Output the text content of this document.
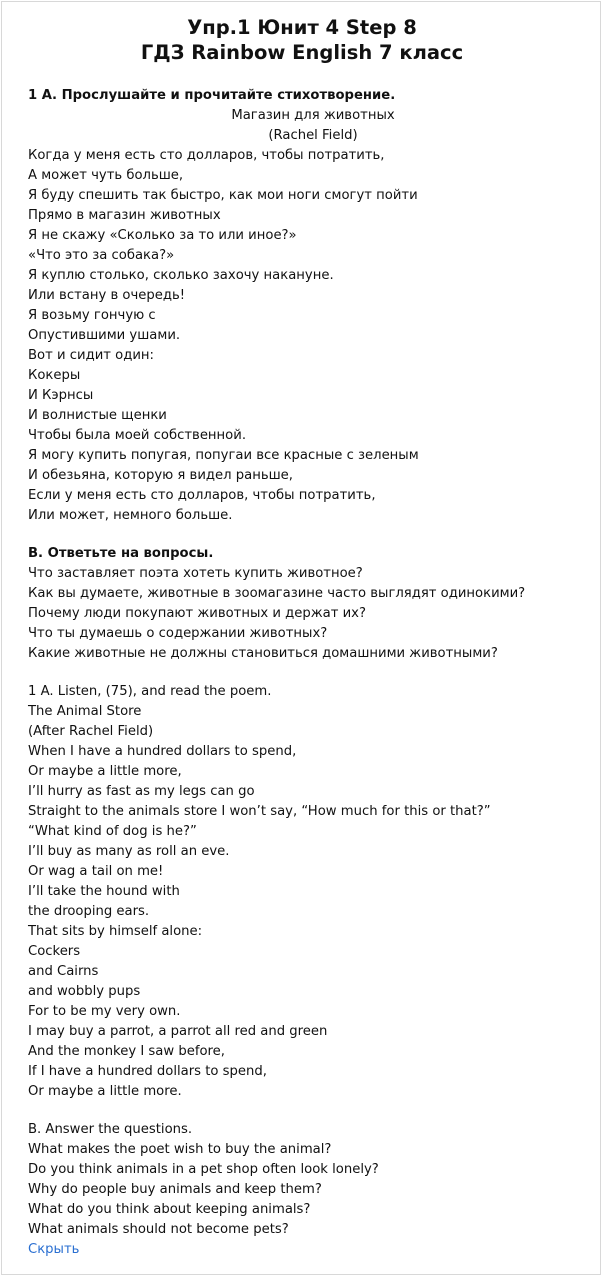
Упр.1 Юнит 4 Step 8
ГДЗ Rainbow English 7 класс
1 А. Прослушайте и прочитайте стихотворение.
Магазин для животных
(Rachel Field)
Когда у меня есть сто долларов, чтобы потратить,
А может чуть больше,
Я буду спешить так быстро, как мои ноги смогут пойти
Прямо в магазин животных
Я не скажу «Сколько за то или иное?»
«Что это за собака?»
Я куплю столько, сколько захочу накануне.
Или встану в очередь!
Я возьму гончую с
Опустившими ушами.
Вот и сидит один:
Кокеры
И Кэрнсы
И волнистые щенки
Чтобы была моей собственной.
Я могу купить попугая, попугаи все красные с зеленым
И обезьяна, которую я видел раньше,
Если у меня есть сто долларов, чтобы потратить,
Или может, немного больше.
B. Ответьте на вопросы.
Что заставляет поэта хотеть купить животное?
Как вы думаете, животные в зоомагазине часто выглядят одинокими?
Почему люди покупают животных и держат их?
Что ты думаешь о содержании животных?
Какие животные не должны становиться домашними животными?
1 A. Listen, (75), and read the poem.
The Animal Store
(After Rachel Field)
When I have a hundred dollars to spend,
Or maybe a little more,
I’ll hurry as fast as my legs can go
Straight to the animals store I won’t say, “How much for this or that?”
“What kind of dog is he?”
I’ll buy as many as roll an eve.
Or wag a tail on me!
I’ll take the hound with
the drooping ears.
That sits by himself alone:
Cockers
and Cairns
and wobbly pups
For to be my very own.
I may buy a parrot, a parrot all red and green
And the monkey I saw before,
If I have a hundred dollars to spend,
Or maybe a little more.
B. Answer the questions.
What makes the poet wish to buy the animal?
Do you think animals in a pet shop often look lonely?
Why do people buy animals and keep them?
What do you think about keeping animals?
What animals should not become pets?
Скрыть
